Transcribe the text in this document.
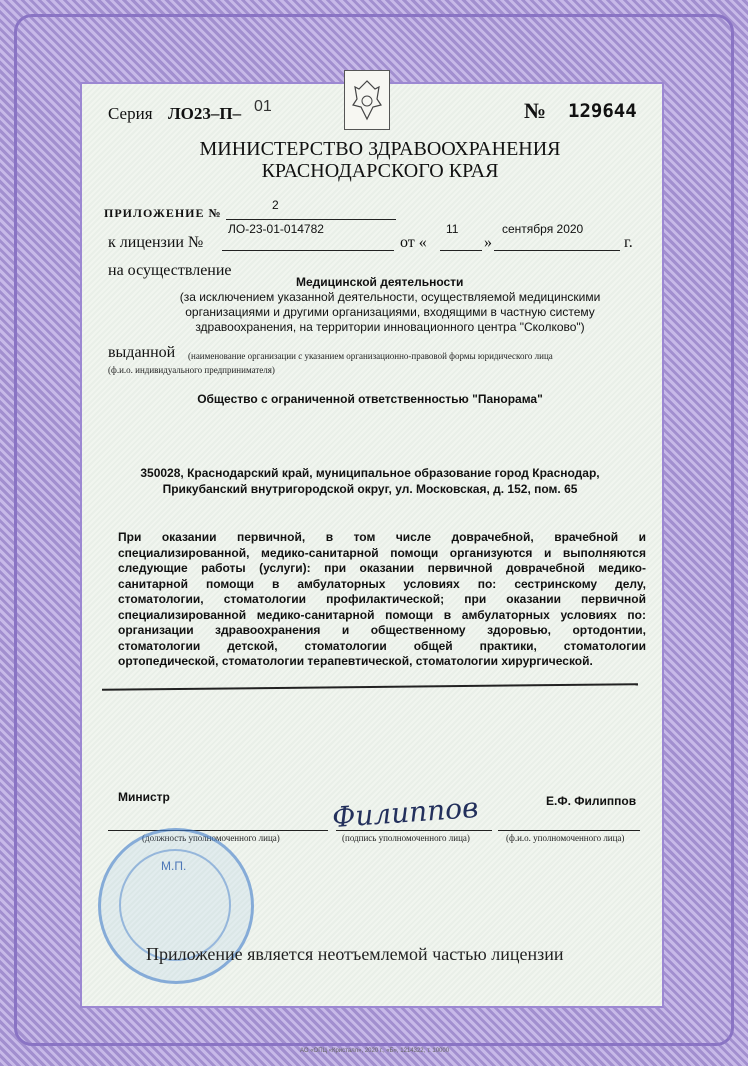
Серия ЛО23–П– 01	№ 129644
МИНИСТЕРСТВО ЗДРАВООХРАНЕНИЯ
КРАСНОДАРСКОГО КРАЯ
ПРИЛОЖЕНИЕ №
2
ЛО-23-01-014782	11	сентября 2020
к лицензии №	от «	»	г.
на осуществление
Медицинской деятельности
(за исключением указанной деятельности, осуществляемой медицинскими
организациями и другими организациями, входящими в частную систему
здравоохранения, на территории инновационного центра "Сколково")
выданной (наименование организации с указанием организационно-правовой формы юридического лица
(ф.и.о. индивидуального предпринимателя)
Общество с ограниченной ответственностью "Панорама"
350028, Краснодарский край, муниципальное образование город Краснодар,
Прикубанский внутригородской округ, ул. Московская, д. 152, пом. 65
При оказании первичной, в том числе доврачебной, врачебной и
специализированной, медико-санитарной помощи организуются и выполняются
следующие работы (услуги): при оказании первичной доврачебной медико-
санитарной помощи в амбулаторных условиях по: сестринскому делу,
стоматологии, стоматологии профилактической; при оказании первичной
специализированной медико-санитарной помощи в амбулаторных условиях по:
организации здравоохранения и общественному здоровью, ортодонтии,
стоматологии детской, стоматологии общей практики, стоматологии
ортопедической, стоматологии терапевтической, стоматологии хирургической.
Министр	Е.Ф. Филиппов
Филиппов
(должность уполномоченного лица)	(подпись уполномоченного лица)	(ф.и.о. уполномоченного лица)
М.П.
Приложение является неотъемлемой частью лицензии
АО «ОПЦ «Кристалл», 2020 г., «Б», 1214322, т. 10000
